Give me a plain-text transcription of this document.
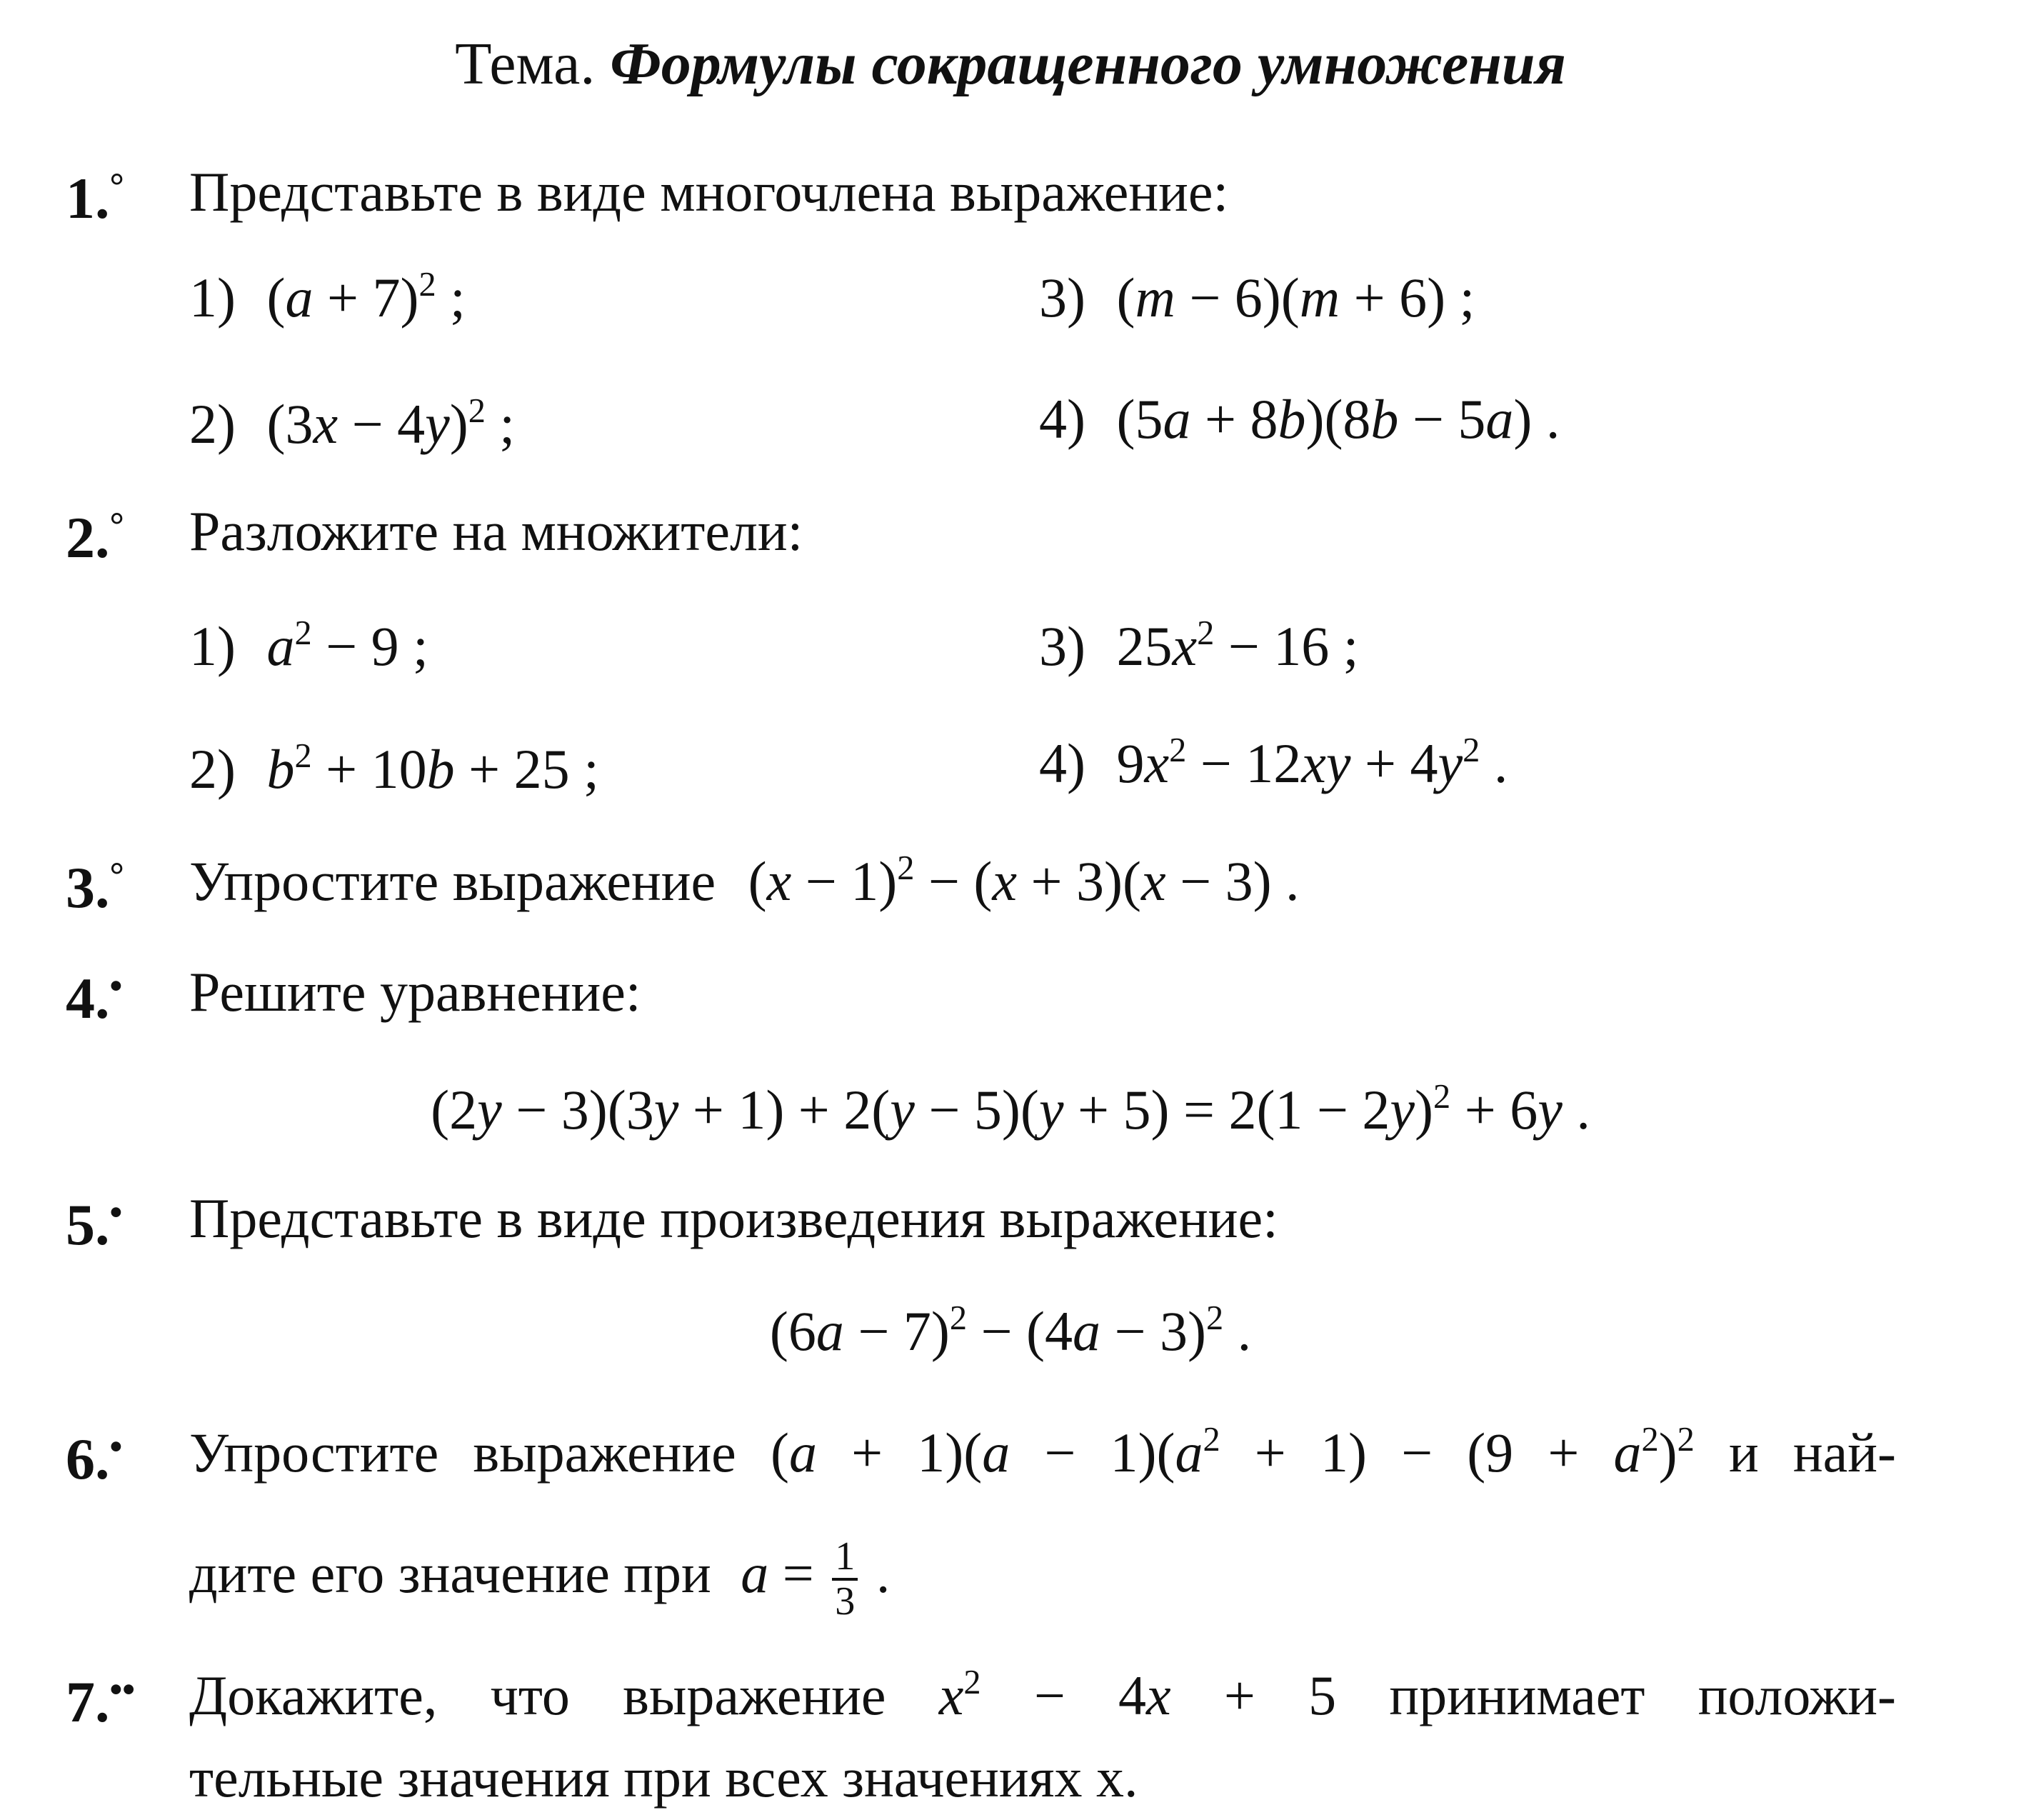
Тема. Формулы сокращенного умножения
1.° Представьте в виде многочлена выражение:
1) $(a + 7)^2$ ;	3) (m − 6)(m + 6) ;
2) $(3x - 4y)^2$ ;	4) (5a + 8b)(8b − 5a) .
2.° Разложите на множители:
1) $a^2 - 9$ ;	3) $25x^2 - 16$ ;
2) $b^2 + 10b + 25$ ;	4) $9x^2 - 12xy + 4y^2$ .
3.° Упростите выражение $(x - 1)^2 - (x + 3)(x - 3)$ .
4.• Решите уравнение:
$(2y - 3)(3y + 1) + 2(y - 5)(y + 5) = 2(1 - 2y)^2 + 6y$ .
5.• Представьте в виде произведения выражение:
$(6a - 7)^2 - (4a - 3)^2$ .
6.• Упростите выражение $(a + 1)(a - 1)(a^2 + 1) - (9 + a^2)^2$ и най-
дите его значение при $a = \frac{1}{3}$ .
7.•• Докажите, что выражение $x^2 - 4x + 5$ принимает положи-
тельные значения при всех значениях x.
